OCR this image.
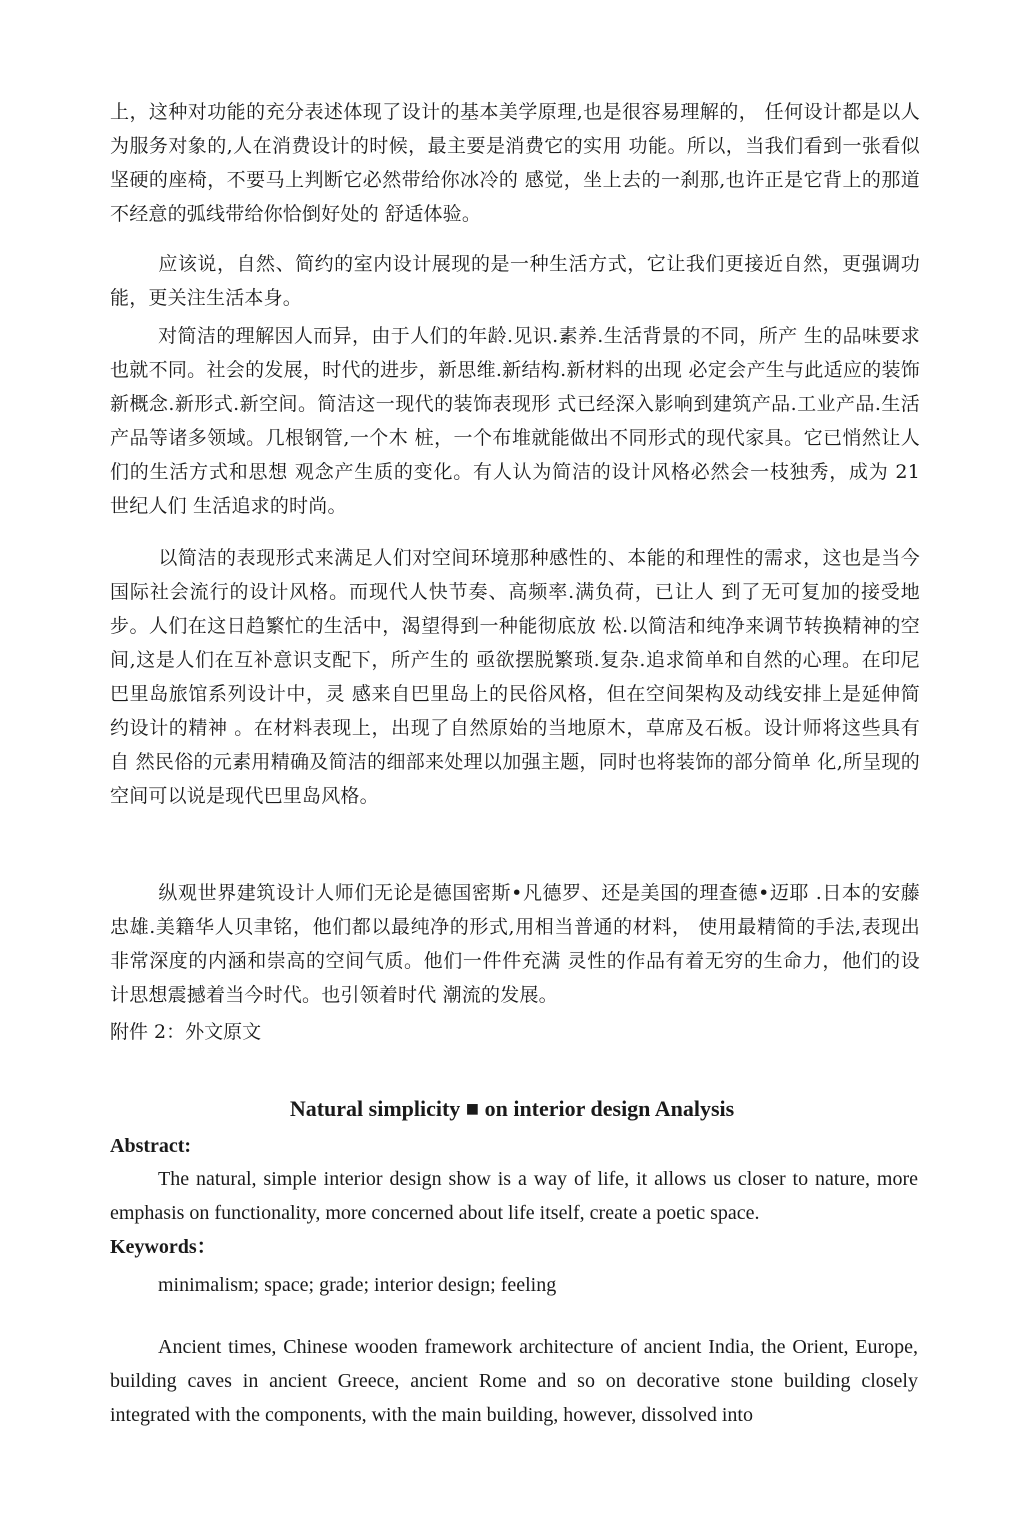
上，这种对功能的充分表述体现了设计的基本美学原理,也是很容易理解的， 任何设计都是以人为服务对象的,人在消费设计的时候，最主要是消费它的实用 功能。所以，当我们看到一张看似坚硬的座椅，不要马上判断它必然带给你冰冷的 感觉，坐上去的一刹那,也许正是它背上的那道不经意的弧线带给你恰倒好处的 舒适体验。

应该说，自然、简约的室内设计展现的是一种生活方式，它让我们更接近自然，更强调功能，更关注生活本身。

对简洁的理解因人而异，由于人们的年龄.见识.素养.生活背景的不同，所产 生的品味要求也就不同。社会的发展，时代的进步，新思维.新结构.新材料的出现 必定会产生与此适应的装饰新概念.新形式.新空间。简洁这一现代的装饰表现形 式已经深入影响到建筑产品.工业产品.生活产品等诸多领域。几根钢管,一个木 桩，一个布堆就能做出不同形式的现代家具。它已悄然让人们的生活方式和思想 观念产生质的变化。有人认为简洁的设计风格必然会一枝独秀，成为 21 世纪人们 生活追求的时尚。

以简洁的表现形式来满足人们对空间环境那种感性的、本能的和理性的需求，这也是当今国际社会流行的设计风格。而现代人快节奏、高频率.满负荷，已让人 到了无可复加的接受地步。人们在这日趋繁忙的生活中，渴望得到一种能彻底放 松.以简洁和纯净来调节转换精神的空间,这是人们在互补意识支配下，所产生的 亟欲摆脱繁琐.复杂.追求简单和自然的心理。在印尼巴里岛旅馆系列设计中，灵 感来自巴里岛上的民俗风格，但在空间架构及动线安排上是延伸简约设计的精神 。在材料表现上，出现了自然原始的当地原木，草席及石板。设计师将这些具有自 然民俗的元素用精确及简洁的细部来处理以加强主题，同时也将装饰的部分简单 化,所呈现的空间可以说是现代巴里岛风格。

纵观世界建筑设计人师们无论是德国密斯•凡德罗、还是美国的理查德•迈耶 .日本的安藤忠雄.美籍华人贝聿铭，他们都以最纯净的形式,用相当普通的材料， 使用最精简的手法,表现出非常深度的内涵和崇高的空间气质。他们一件件充满 灵性的作品有着无穷的生命力，他们的设计思想震撼着当今时代。也引领着时代 潮流的发展。

附件 2：外文原文

Natural simplicity ■ on interior design Analysis
Abstract:

The natural, simple interior design show is a way of life, it allows us closer to nature, more emphasis on functionality, more concerned about life itself, create a poetic space.

Keywords：

minimalism; space; grade; interior design; feeling

Ancient times, Chinese wooden framework architecture of ancient India, the Orient, Europe, building caves in ancient Greece, ancient Rome and so on decorative stone building closely integrated with the components, with the main building, however, dissolved into
